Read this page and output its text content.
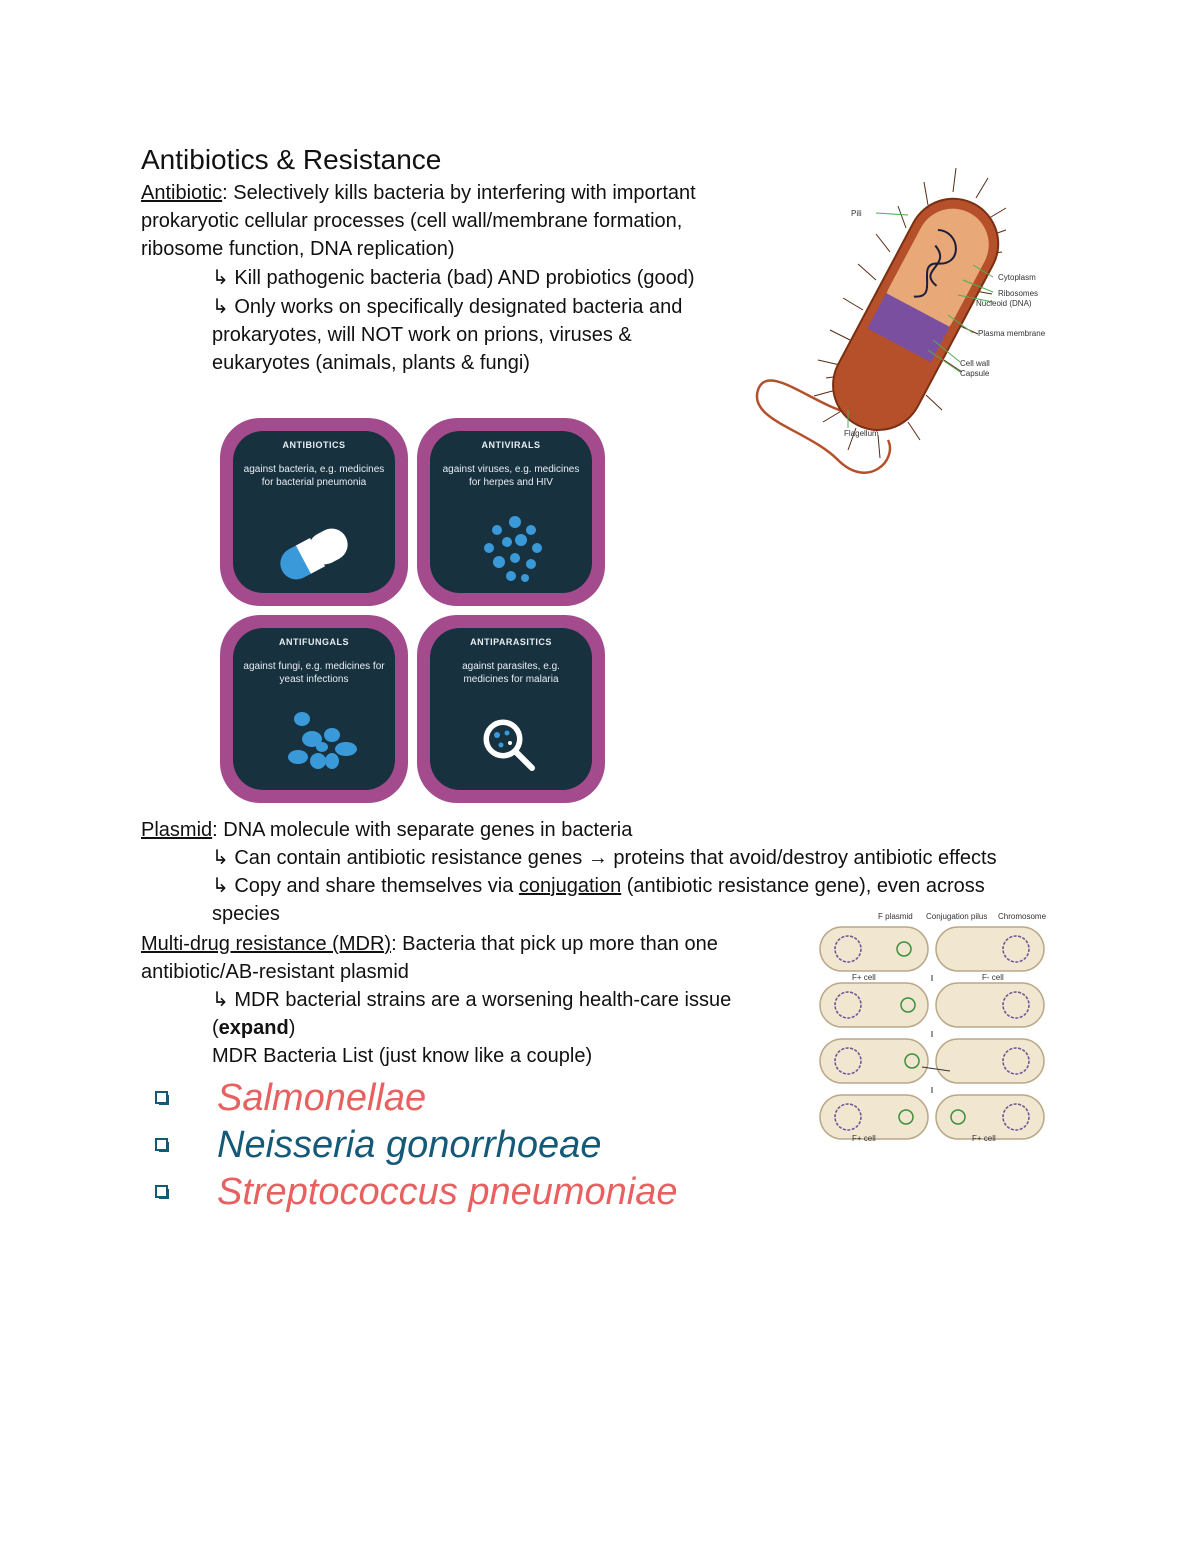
Antibiotics & Resistance
Antibiotic: Selectively kills bacteria by interfering with important
prokaryotic cellular processes (cell wall/membrane formation,
ribosome function, DNA replication)
↳ Kill pathogenic bacteria (bad) AND probiotics (good)
↳ Only works on specifically designated bacteria and
prokaryotes, will NOT work on prions, viruses &
eukaryotes (animals, plants & fungi)
Pili
Cytoplasm
Ribosomes
Nucleoid (DNA)
Plasma membrane
Cell wall
Capsule
Flagellum
ANTIBIOTICS
against bacteria, e.g. medicines
for bacterial pneumonia
ANTIVIRALS
against viruses, e.g. medicines
for herpes and HIV
ANTIFUNGALS
against fungi, e.g. medicines for
yeast infections
ANTIPARASITICS
against parasites, e.g.
medicines for malaria
Plasmid: DNA molecule with separate genes in bacteria
↳ Can contain antibiotic resistance genes → proteins that avoid/destroy antibiotic effects
↳ Copy and share themselves via conjugation (antibiotic resistance gene), even across
species
Multi-drug resistance (MDR): Bacteria that pick up more than one
antibiotic/AB-resistant plasmid
↳ MDR bacterial strains are a worsening health-care issue
(expand)
MDR Bacteria List (just know like a couple)
Salmonellae
Neisseria gonorrhoeae
Streptococcus pneumoniae
F plasmid Conjugation pilus Chromosome
F+ cell	F- cell
F+ cell	F+ cell
